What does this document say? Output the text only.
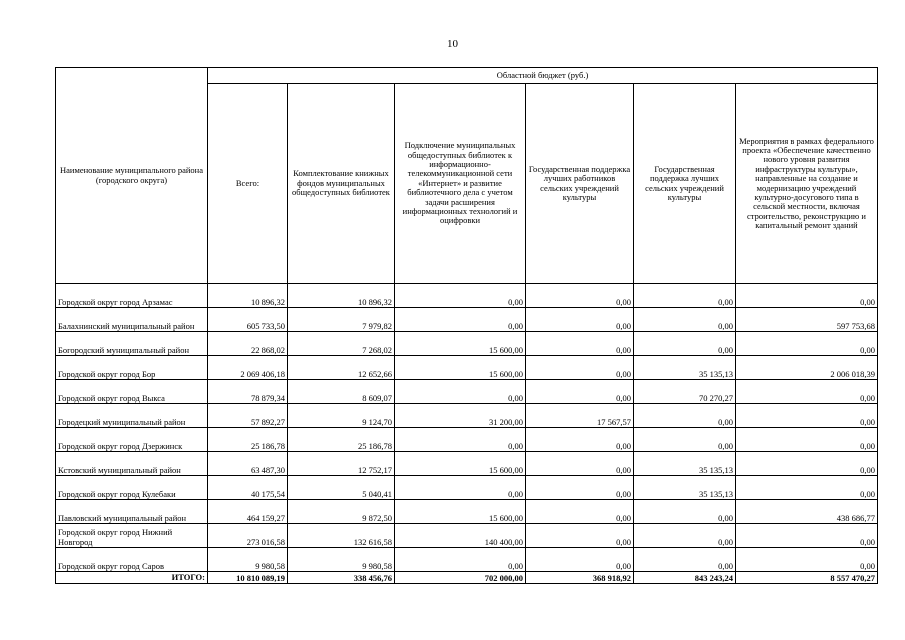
10
Наименование муниципального района (городского округа)	Областной бюджет (руб.)					
	Всего:	Комплектование книжных фондов муниципальных общедоступных библиотек	Подключение муниципальных общедоступных библиотек к информационно-телекоммуникационной сети «Интернет» и развитие библиотечного дела с учетом задачи расширения информационных технологий и оцифровки	Государственная поддержка лучших работников сельских учреждений культуры	Государственная поддержка лучших сельских учреждений культуры	Мероприятия в рамках федерального проекта «Обеспечение качественно нового уровня развития инфраструктуры культуры», направленные на создание и модернизацию учреждений культурно-досугового типа в сельской местности, включая строительство, реконструкцию и капитальный ремонт зданий
Городской округ город Арзамас	10 896,32	10 896,32	0,00	0,00	0,00	0,00
Балахнинский муниципальный район	605 733,50	7 979,82	0,00	0,00	0,00	597 753,68
Богородский муниципальный район	22 868,02	7 268,02	15 600,00	0,00	0,00	0,00
Городской округ город Бор	2 069 406,18	12 652,66	15 600,00	0,00	35 135,13	2 006 018,39
Городской округ город Выкса	78 879,34	8 609,07	0,00	0,00	70 270,27	0,00
Городецкий муниципальный район	57 892,27	9 124,70	31 200,00	17 567,57	0,00	0,00
Городской округ город Дзержинск	25 186,78	25 186,78	0,00	0,00	0,00	0,00
Кстовский муниципальный район	63 487,30	12 752,17	15 600,00	0,00	35 135,13	0,00
Городской округ город Кулебаки	40 175,54	5 040,41	0,00	0,00	35 135,13	0,00
Павловский муниципальный район	464 159,27	9 872,50	15 600,00	0,00	0,00	438 686,77
Городской округ город Нижний Новгород	273 016,58	132 616,58	140 400,00	0,00	0,00	0,00
Городской округ город Саров	9 980,58	9 980,58	0,00	0,00	0,00	0,00
ИТОГО:	10 810 089,19	338 456,76	702 000,00	368 918,92	843 243,24	8 557 470,27
